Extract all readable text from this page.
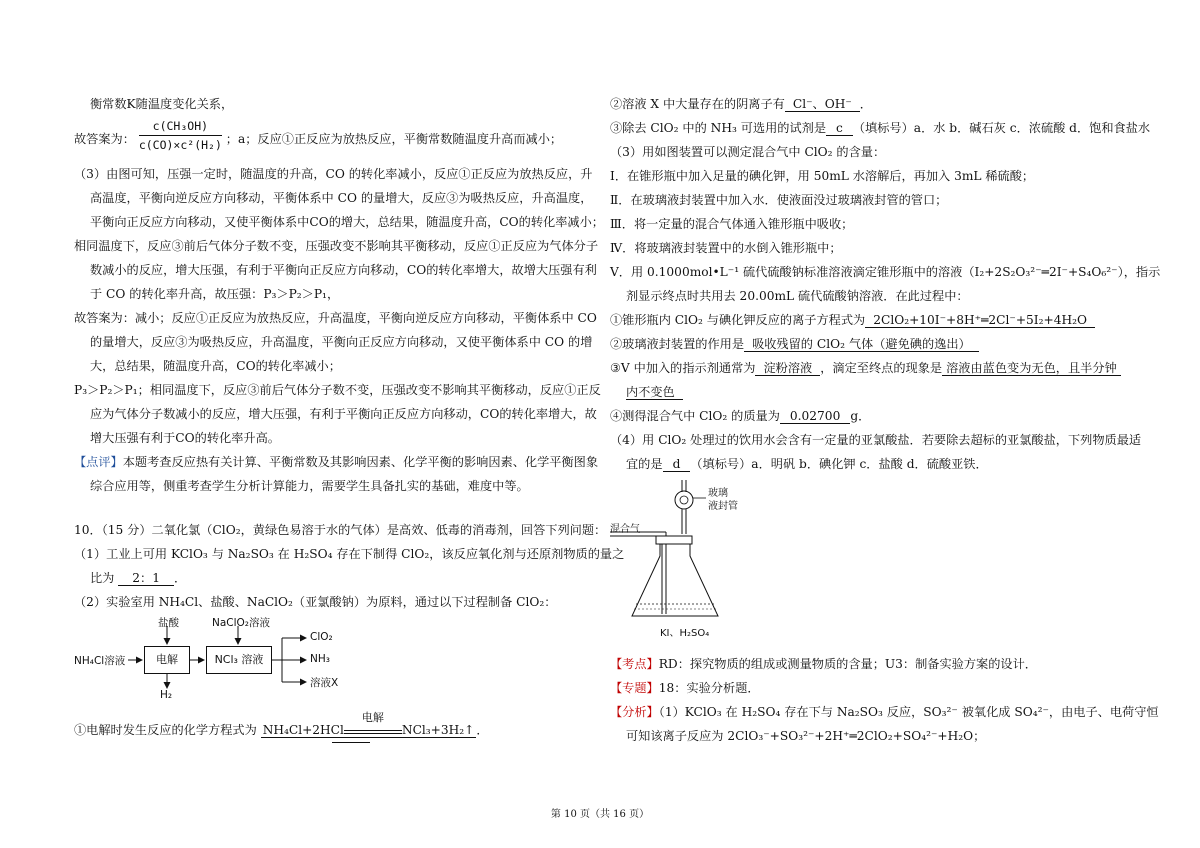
衡常数K随温度变化关系，
故答案为： $\frac{\text{c(CH₃OH)}}{\text{c(CO)×c²(H₂)}}$ ；a；反应①正反应为放热反应，平衡常数随温度升高而减小；
（3）由图可知，压强一定时，随温度的升高，CO 的转化率减小，反应①正反应为放热反应，升
高温度，平衡向逆反应方向移动，平衡体系中 CO 的量增大，反应③为吸热反应，升高温度，
平衡向正反应方向移动，又使平衡体系中CO的增大，总结果，随温度升高，CO的转化率减小；
相同温度下，反应③前后气体分子数不变，压强改变不影响其平衡移动，反应①正反应为气体分子
数减小的反应，增大压强，有利于平衡向正反应方向移动，CO的转化率增大，故增大压强有利
于 CO 的转化率升高，故压强：P₃＞P₂＞P₁，
故答案为：减小；反应①正反应为放热反应，升高温度，平衡向逆反应方向移动，平衡体系中 CO
的量增大，反应③为吸热反应，升高温度，平衡向正反应方向移动，又使平衡体系中 CO 的增
大，总结果，随温度升高，CO的转化率减小；
P₃＞P₂＞P₁；相同温度下，反应③前后气体分子数不变，压强改变不影响其平衡移动，反应①正反
应为气体分子数减小的反应，增大压强，有利于平衡向正反应方向移动，CO的转化率增大，故
增大压强有利于CO的转化率升高。
【点评】本题考查反应热有关计算、平衡常数及其影响因素、化学平衡的影响因素、化学平衡图象
综合应用等，侧重考查学生分析计算能力，需要学生具备扎实的基础，难度中等。
10．（15 分）二氧化氯（ClO₂，黄绿色易溶于水的气体）是高效、低毒的消毒剂，回答下列问题：
（1）工业上可用 KClO₃ 与 Na₂SO₃ 在 H₂SO₄ 存在下制得 ClO₂，该反应氧化剂与还原剂物质的量之
比为 2：1 ．
（2）实验室用 NH₄Cl、盐酸、NaClO₂（亚氯酸钠）为原料，通过以下过程制备 ClO₂：
NH₄Cl溶液
盐酸
电解
H₂
NaClO₂溶液
NCl₃ 溶液
ClO₂
NH₃
溶液X
①电解时发生反应的化学方程式为 NH₄Cl+2HCl
电解
NCl₃+3H₂↑ ．
②溶液 X 中大量存在的阴离子有 Cl⁻、OH⁻ ．
③除去 ClO₂ 中的 NH₃ 可选用的试剂是 c （填标号）a．水 b．碱石灰 c．浓硫酸 d．饱和食盐水
（3）用如图装置可以测定混合气中 ClO₂ 的含量：
Ⅰ．在锥形瓶中加入足量的碘化钾，用 50mL 水溶解后，再加入 3mL 稀硫酸；
Ⅱ．在玻璃液封装置中加入水．使液面没过玻璃液封管的管口；
Ⅲ．将一定量的混合气体通入锥形瓶中吸收；
Ⅳ．将玻璃液封装置中的水倒入锥形瓶中；
Ⅴ．用 0.1000mol•L⁻¹ 硫代硫酸钠标准溶液滴定锥形瓶中的溶液（I₂+2S₂O₃²⁻═2I⁻+S₄O₆²⁻），指示
剂显示终点时共用去 20.00mL 硫代硫酸钠溶液．在此过程中：
①锥形瓶内 ClO₂ 与碘化钾反应的离子方程式为 2ClO₂+10I⁻+8H⁺═2Cl⁻+5I₂+4H₂O
②玻璃液封装置的作用是 吸收残留的 ClO₂ 气体（避免碘的逸出）
③V 中加入的指示剂通常为 淀粉溶液 ，滴定至终点的现象是 溶液由蓝色变为无色，且半分钟
内不变色
④测得混合气中 ClO₂ 的质量为 0.02700 g．
（4）用 ClO₂ 处理过的饮用水会含有一定量的亚氯酸盐．若要除去超标的亚氯酸盐，下列物质最适
宜的是 d （填标号）a．明矾 b．碘化钾 c．盐酸 d．硫酸亚铁．
混合气
玻璃
液封管
KI、H₂SO₄
【考点】RD：探究物质的组成或测量物质的含量；U3：制备实验方案的设计．
【专题】18：实验分析题．
【分析】（1）KClO₃ 在 H₂SO₄ 存在下与 Na₂SO₃ 反应，SO₃²⁻ 被氧化成 SO₄²⁻，由电子、电荷守恒
可知该离子反应为 2ClO₃⁻+SO₃²⁻+2H⁺═2ClO₂+SO₄²⁻+H₂O；
第 10 页（共 16 页）
